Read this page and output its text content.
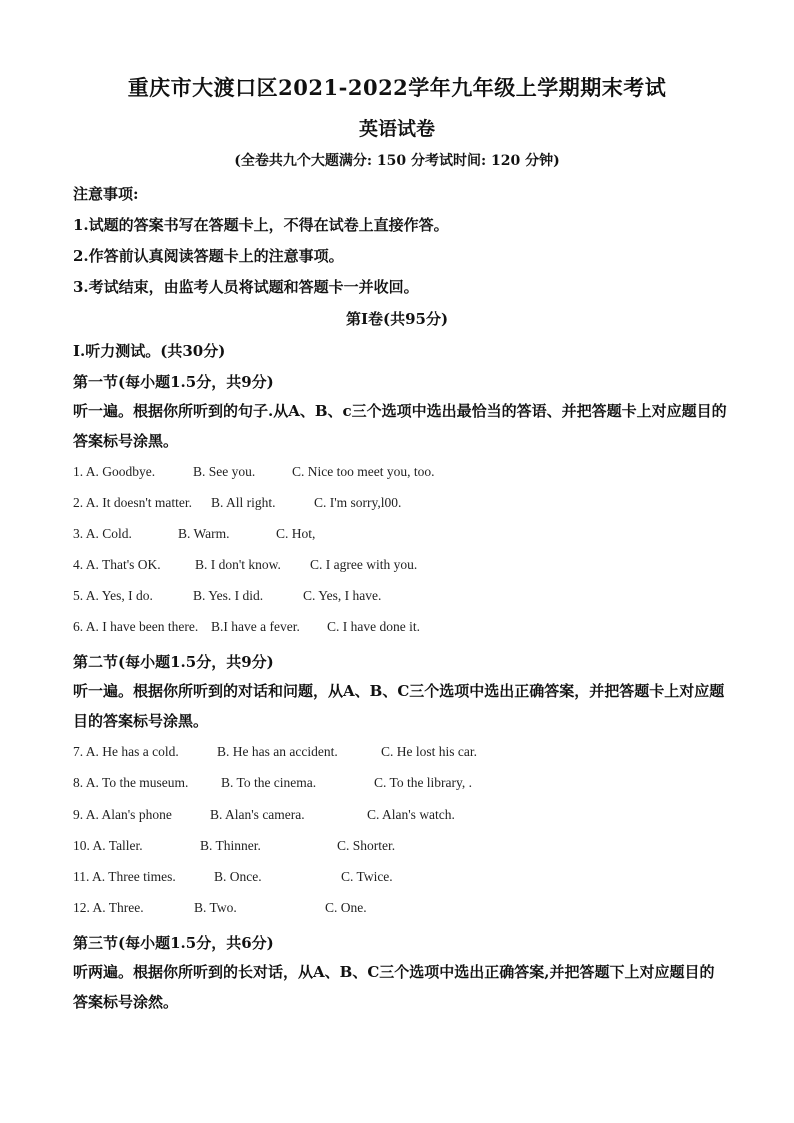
重庆市大渡口区2021-2022学年九年级上学期期末考试
英语试卷
(全卷共九个大题满分: 150 分考试时间: 120 分钟)
注意事项:
1.试题的答案书写在答题卡上，不得在试卷上直接作答。
2.作答前认真阅读答题卡上的注意事项。
3.考试结束，由监考人员将试题和答题卡一并收回。
第I卷(共95分)
I.听力测试。(共30分)
第一节(每小题1.5分，共9分)
听一遍。根据你所听到的句子.从A、B、c三个选项中选出最恰当的答语、并把答题卡上对应题目的答案标号涂黑。
1. A. Goodbye.	B. See you.	C. Nice too meet you, too.
2. A. It doesn't matter. B. All right.	C. I'm sorry,l00.
3. A. Cold.	B. Warm.	C. Hot,
4. A. That's OK.	B. I don't know. C. I agree with you.
5. A. Yes, I do.	B. Yes. I did.	C. Yes, I have.
6. A. I have been there. B.I have a fever. C. I have done it.
第二节(每小题1.5分，共9分)
听一遍。根据你所听到的对话和问题，从A、B、C三个选项中选出正确答案，并把答题卡上对应题目的答案标号涂黑。
7. A. He has a cold.	B. He has an accident.	C. He lost his car.
8. A. To the museum. B. To the cinema.	C. To the library, .
9. A. Alan's phone	B. Alan's camera.	C. Alan's watch.
10. A. Taller.	B. Thinner.	C. Shorter.
11. A. Three times.	B. Once.	C. Twice.
12. A. Three.	B. Two.	C. One.
第三节(每小题1.5分，共6分)
听两遍。根据你所听到的长对话，从A、B、C三个选项中选出正确答案,并把答题下上对应题目的答案标号涂然。
